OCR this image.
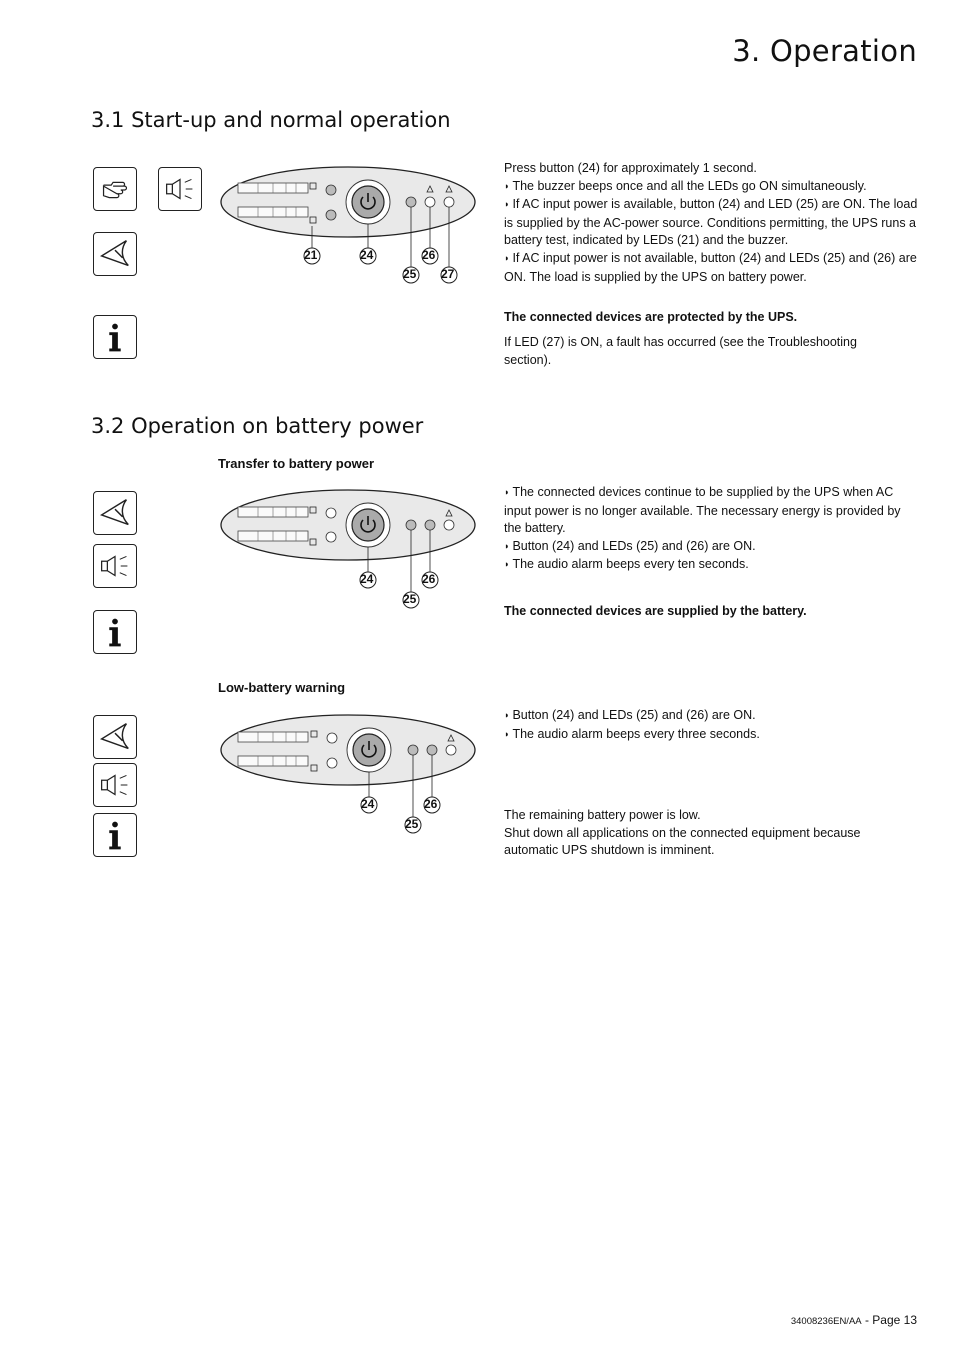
3. Operation
3.1 Start-up and normal operation
21	24	26
25 27

Press button (24) for approximately 1 second.

◗ The buzzer beeps once and all the LEDs go ON simultaneously.

◗ If AC input power is available, button (24) and LED (25) are ON. The load is supplied by the AC-power source. Conditions permitting, the UPS runs a battery test, indicated by LEDs (21) and the buzzer.

◗ If AC input power is not available, button (24) and LEDs (25) and (26) are ON. The load is supplied by the UPS on battery power.

The connected devices are protected by the UPS.
If LED (27) is ON, a fault has occurred (see the Troubleshooting section).
3.2 Operation on battery power
Transfer to battery power
24	26
25

◗ The connected devices continue to be supplied by the UPS when AC input power is no longer available. The necessary energy is provided by the battery.

◗ Button (24) and LEDs (25) and (26) are ON.

◗ The audio alarm beeps every ten seconds.

The connected devices are supplied by the battery.
Low-battery warning
24	26
25

◗ Button (24) and LEDs (25) and (26) are ON.

◗ The audio alarm beeps every three seconds.

The remaining battery power is low.

Shut down all applications on the connected equipment because automatic UPS shutdown is imminent.

34008236EN/AA - Page 13
